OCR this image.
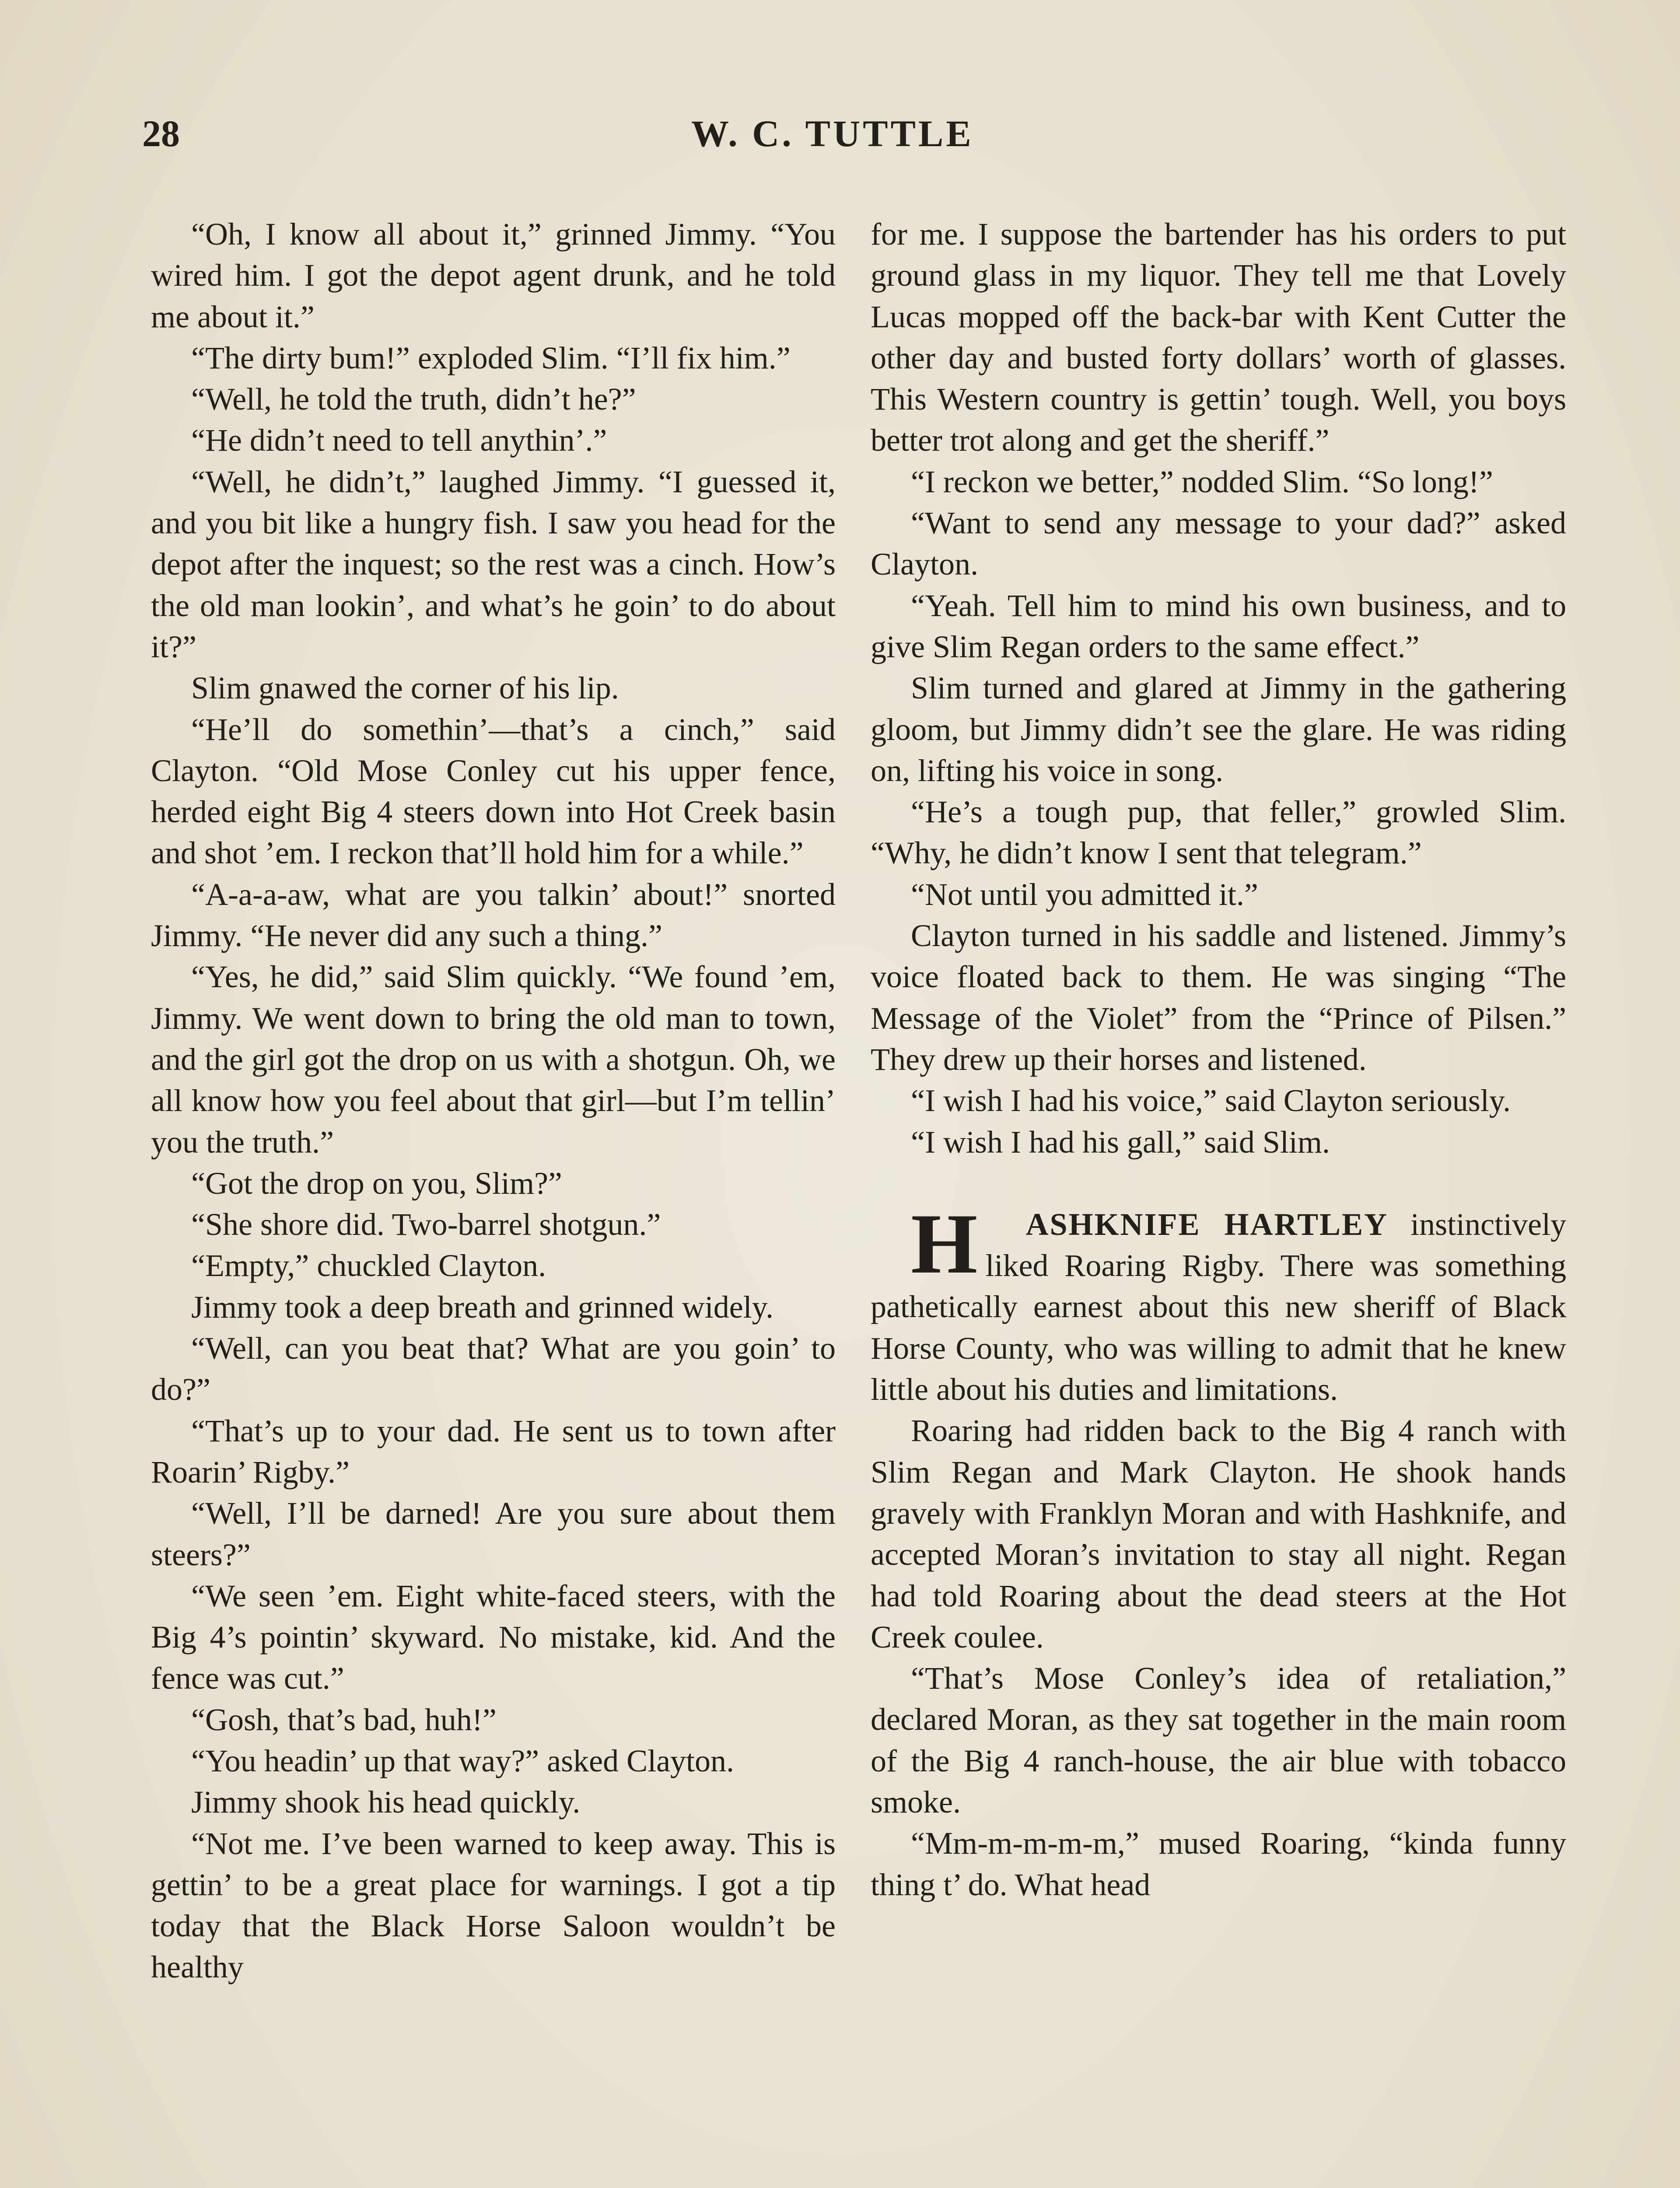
28	W. C. TUTTLE

“Oh, I know all about it,” grinned Jimmy. “You wired him. I got the depot agent drunk, and he told me about it.”

“The dirty bum!” exploded Slim. “I’ll fix him.”

“Well, he told the truth, didn’t he?”

“He didn’t need to tell anythin’.”

“Well, he didn’t,” laughed Jimmy. “I guessed it, and you bit like a hungry fish. I saw you head for the depot after the inquest; so the rest was a cinch. How’s the old man lookin’, and what’s he goin’ to do about it?”

Slim gnawed the corner of his lip.

“He’ll do somethin’—that’s a cinch,” said Clayton. “Old Mose Conley cut his upper fence, herded eight Big 4 steers down into Hot Creek basin and shot ’em. I reckon that’ll hold him for a while.”

“A-a-a-aw, what are you talkin’ about!” snorted Jimmy. “He never did any such a thing.”

“Yes, he did,” said Slim quickly. “We found ’em, Jimmy. We went down to bring the old man to town, and the girl got the drop on us with a shotgun. Oh, we all know how you feel about that girl—but I’m tellin’ you the truth.”

“Got the drop on you, Slim?”

“She shore did. Two-barrel shotgun.”

“Empty,” chuckled Clayton.

Jimmy took a deep breath and grinned widely.

“Well, can you beat that? What are you goin’ to do?”

“That’s up to your dad. He sent us to town after Roarin’ Rigby.”

“Well, I’ll be darned! Are you sure about them steers?”

“We seen ’em. Eight white-faced steers, with the Big 4’s pointin’ skyward. No mistake, kid. And the fence was cut.”

“Gosh, that’s bad, huh!”

“You headin’ up that way?” asked Clayton.

Jimmy shook his head quickly.

“Not me. I’ve been warned to keep away. This is gettin’ to be a great place for warnings. I got a tip today that the Black Horse Saloon wouldn’t be healthy

for me. I suppose the bartender has his orders to put ground glass in my liquor. They tell me that Lovely Lucas mopped off the back-bar with Kent Cutter the other day and busted forty dollars’ worth of glasses. This Western country is gettin’ tough. Well, you boys better trot along and get the sheriff.”

“I reckon we better,” nodded Slim. “So long!”

“Want to send any message to your dad?” asked Clayton.

“Yeah. Tell him to mind his own business, and to give Slim Regan orders to the same effect.”

Slim turned and glared at Jimmy in the gathering gloom, but Jimmy didn’t see the glare. He was riding on, lifting his voice in song.

“He’s a tough pup, that feller,” growled Slim. “Why, he didn’t know I sent that telegram.”

“Not until you admitted it.”

Clayton turned in his saddle and listened. Jimmy’s voice floated back to them. He was singing “The Message of the Violet” from the “Prince of Pilsen.” They drew up their horses and listened.

“I wish I had his voice,” said Clayton seriously.

“I wish I had his gall,” said Slim.

H ASHKNIFE HARTLEY instinctively liked Roaring Rigby. There was something pathetically earnest about this new sheriff of Black Horse County, who was willing to admit that he knew little about his duties and limitations.

Roaring had ridden back to the Big 4 ranch with Slim Regan and Mark Clayton. He shook hands gravely with Franklyn Moran and with Hashknife, and accepted Moran’s invitation to stay all night. Regan had told Roaring about the dead steers at the Hot Creek coulee.

“That’s Mose Conley’s idea of retaliation,” declared Moran, as they sat together in the main room of the Big 4 ranch-house, the air blue with tobacco smoke.

“Mm-m-m-m-m,” mused Roaring, “kinda funny thing t’ do. What head
